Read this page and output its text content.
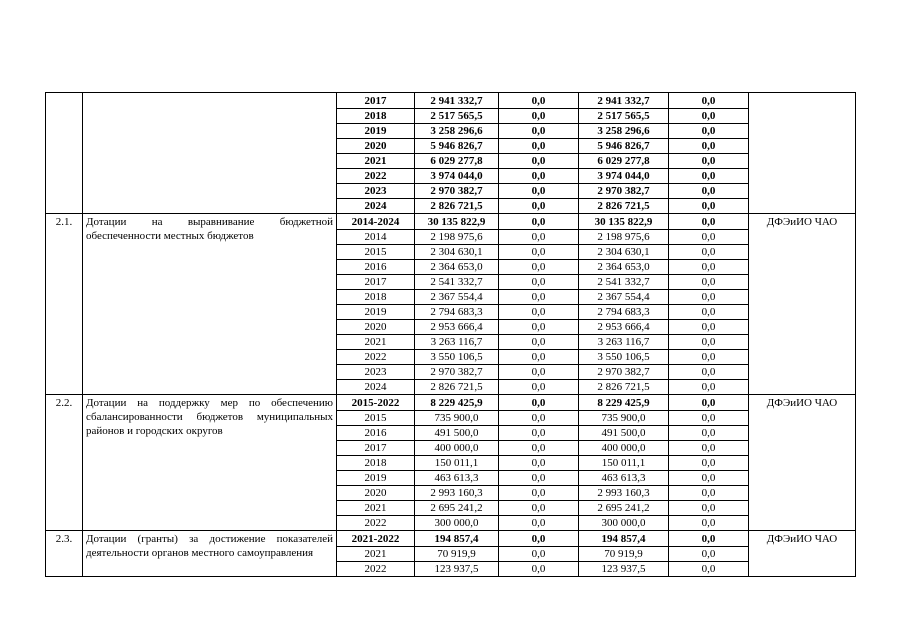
		2017	2 941 332,7	0,0	2 941 332,7	0,0	
		2018	2 517 565,5	0,0	2 517 565,5	0,0	
		2019	3 258 296,6	0,0	3 258 296,6	0,0	
		2020	5 946 826,7	0,0	5 946 826,7	0,0	
		2021	6 029 277,8	0,0	6 029 277,8	0,0	
		2022	3 974 044,0	0,0	3 974 044,0	0,0	
		2023	2 970 382,7	0,0	2 970 382,7	0,0	
		2024	2 826 721,5	0,0	2 826 721,5	0,0	
2.1.	Дотации на выравнивание бюджетной обеспеченности местных бюджетов	2014-2024	30 135 822,9	0,0	30 135 822,9	0,0	ДФЭиИО ЧАО
		2014	2 198 975,6	0,0	2 198 975,6	0,0	
		2015	2 304 630,1	0,0	2 304 630,1	0,0	
		2016	2 364 653,0	0,0	2 364 653,0	0,0	
		2017	2 541 332,7	0,0	2 541 332,7	0,0	
		2018	2 367 554,4	0,0	2 367 554,4	0,0	
		2019	2 794 683,3	0,0	2 794 683,3	0,0	
		2020	2 953 666,4	0,0	2 953 666,4	0,0	
		2021	3 263 116,7	0,0	3 263 116,7	0,0	
		2022	3 550 106,5	0,0	3 550 106,5	0,0	
		2023	2 970 382,7	0,0	2 970 382,7	0,0	
		2024	2 826 721,5	0,0	2 826 721,5	0,0	
2.2.	Дотации на поддержку мер по обеспечению сбалансированности бюджетов муниципальных районов и городских округов	2015-2022	8 229 425,9	0,0	8 229 425,9	0,0	ДФЭиИО ЧАО
		2015	735 900,0	0,0	735 900,0	0,0	
		2016	491 500,0	0,0	491 500,0	0,0	
		2017	400 000,0	0,0	400 000,0	0,0	
		2018	150 011,1	0,0	150 011,1	0,0	
		2019	463 613,3	0,0	463 613,3	0,0	
		2020	2 993 160,3	0,0	2 993 160,3	0,0	
		2021	2 695 241,2	0,0	2 695 241,2	0,0	
		2022	300 000,0	0,0	300 000,0	0,0	
2.3.	Дотации (гранты) за достижение показателей деятельности органов местного самоуправления	2021-2022	194 857,4	0,0	194 857,4	0,0	ДФЭиИО ЧАО
		2021	70 919,9	0,0	70 919,9	0,0	
		2022	123 937,5	0,0	123 937,5	0,0	
